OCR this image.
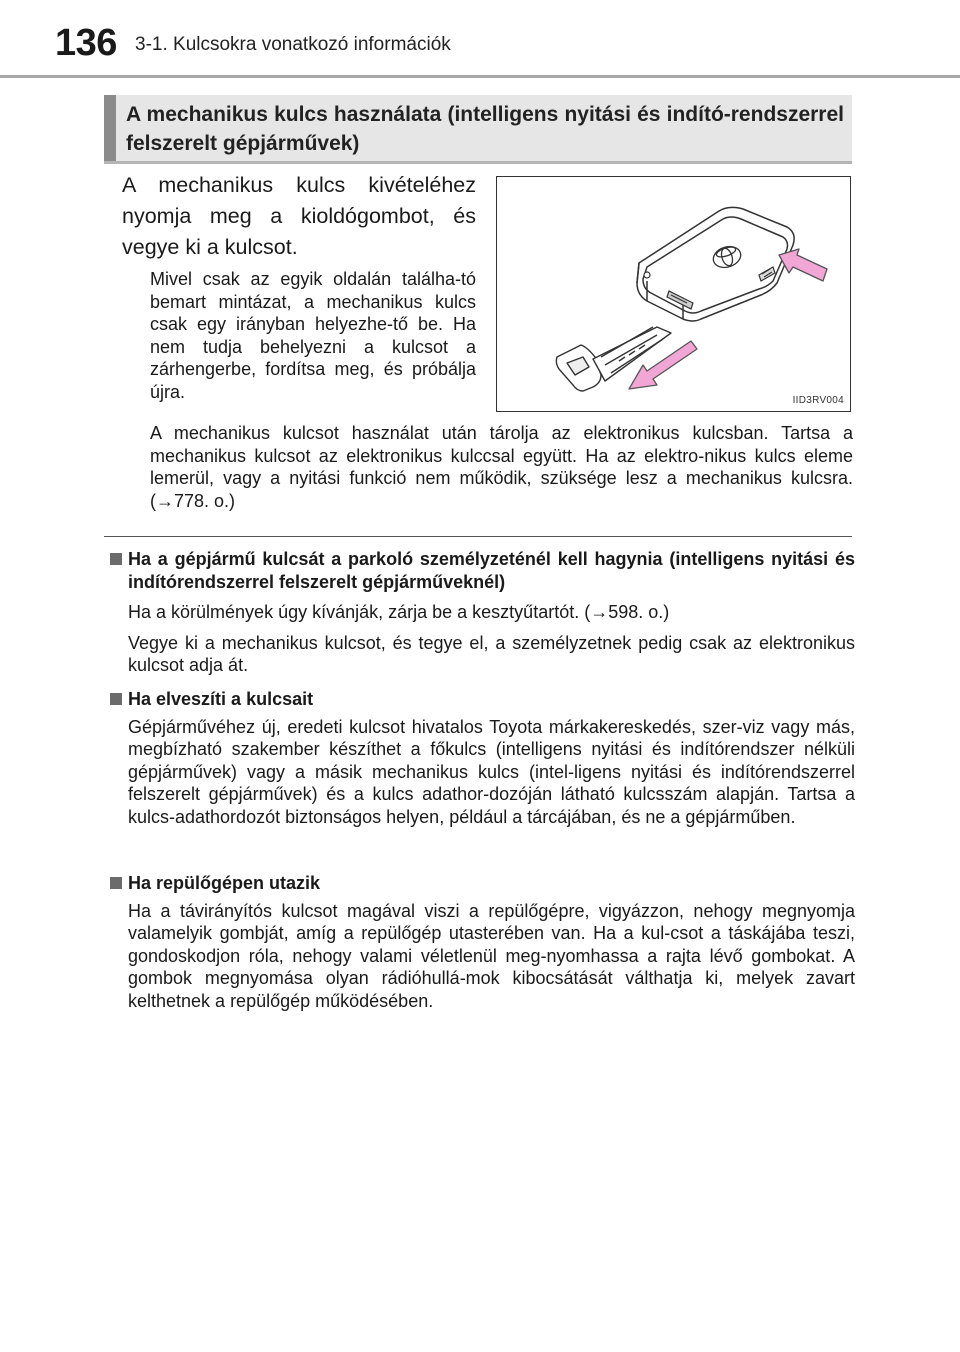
136 3-1. Kulcsokra vonatkozó információk
A mechanikus kulcs használata (intelligens nyitási és indító-rendszerrel felszerelt gépjárművek)
A mechanikus kulcs kivételéhez nyomja meg a kioldógombot, és vegye ki a kulcsot.
Mivel csak az egyik oldalán találha-tó bemart mintázat, a mechanikus kulcs csak egy irányban helyezhe-tő be. Ha nem tudja behelyezni a kulcsot a zárhengerbe, fordítsa meg, és próbálja újra.	IID3RV004
A mechanikus kulcsot használat után tárolja az elektronikus kulcsban. Tartsa a mechanikus kulcsot az elektronikus kulccsal együtt. Ha az elektro-nikus kulcs eleme lemerül, vagy a nyitási funkció nem működik, szüksége lesz a mechanikus kulcsra. (→778. o.)
Ha a gépjármű kulcsát a parkoló személyzeténél kell hagynia (intelligens nyitási és indítórendszerrel felszerelt gépjárműveknél)

Ha a körülmények úgy kívánják, zárja be a kesztyűtartót. (→598. o.)

Vegye ki a mechanikus kulcsot, és tegye el, a személyzetnek pedig csak az elektronikus kulcsot adja át.

Ha elveszíti a kulcsait

Gépjárművéhez új, eredeti kulcsot hivatalos Toyota márkakereskedés, szer-viz vagy más, megbízható szakember készíthet a főkulcs (intelligens nyitási és indítórendszer nélküli gépjárművek) vagy a másik mechanikus kulcs (intel-ligens nyitási és indítórendszerrel felszerelt gépjárművek) és a kulcs adathor-dozóján látható kulcsszám alapján. Tartsa a kulcs-adathordozót biztonságos helyen, például a tárcájában, és ne a gépjárműben.

Ha repülőgépen utazik

Ha a távirányítós kulcsot magával viszi a repülőgépre, vigyázzon, nehogy megnyomja valamelyik gombját, amíg a repülőgép utasterében van. Ha a kul-csot a táskájába teszi, gondoskodjon róla, nehogy valami véletlenül meg-nyomhassa a rajta lévő gombokat. A gombok megnyomása olyan rádióhullá-mok kibocsátását válthatja ki, melyek zavart kelthetnek a repülőgép működésében.
